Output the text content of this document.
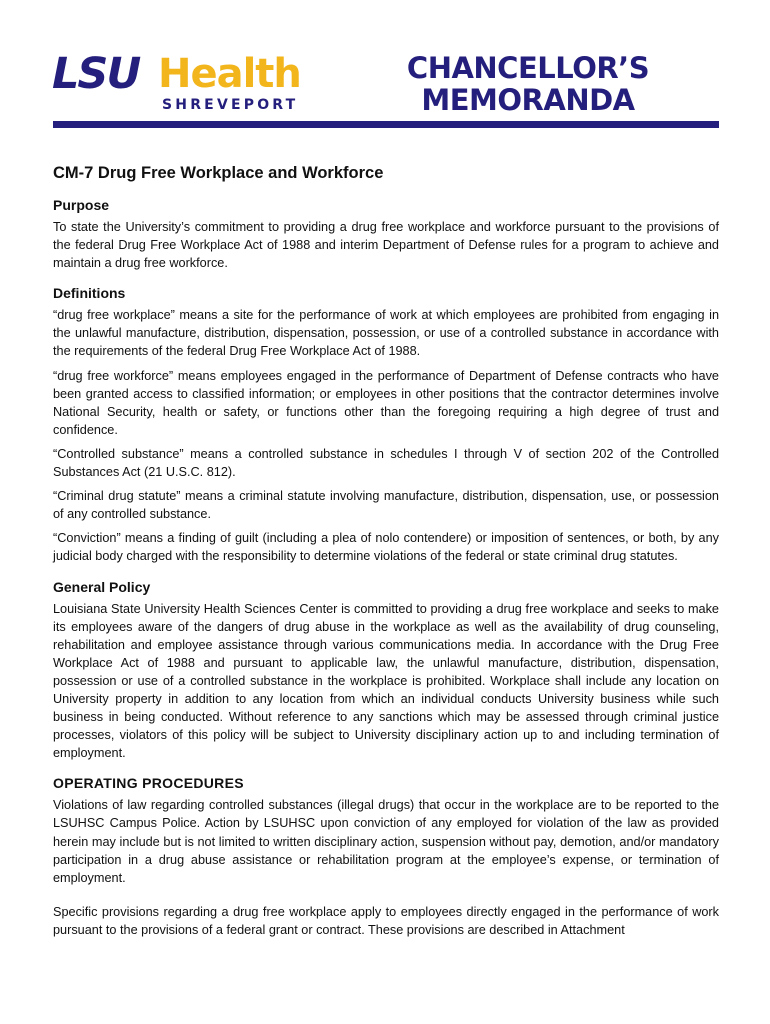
LSU Health
SHREVEPORT
CHANCELLOR’S
MEMORANDA
CM-7 Drug Free Workplace and Workforce
Purpose

To state the University’s commitment to providing a drug free workplace and workforce pursuant to the provisions of the federal Drug Free Workplace Act of 1988 and interim Department of Defense rules for a program to achieve and maintain a drug free workforce.

Definitions

“drug free workplace” means a site for the performance of work at which employees are prohibited from engaging in the unlawful manufacture, distribution, dispensation, possession, or use of a controlled substance in accordance with the requirements of the federal Drug Free Workplace Act of 1988.

“drug free workforce” means employees engaged in the performance of Department of Defense contracts who have been granted access to classified information; or employees in other positions that the contractor determines involve National Security, health or safety, or functions other than the foregoing requiring a high degree of trust and confidence.

“Controlled substance” means a controlled substance in schedules I through V of section 202 of the Controlled Substances Act (21 U.S.C. 812).

“Criminal drug statute” means a criminal statute involving manufacture, distribution, dispensation, use, or possession of any controlled substance.

“Conviction” means a finding of guilt (including a plea of nolo contendere) or imposition of sentences, or both, by any judicial body charged with the responsibility to determine violations of the federal or state criminal drug statutes.

General Policy

Louisiana State University Health Sciences Center is committed to providing a drug free workplace and seeks to make its employees aware of the dangers of drug abuse in the workplace as well as the availability of drug counseling, rehabilitation and employee assistance through various communications media. In accordance with the Drug Free Workplace Act of 1988 and pursuant to applicable law, the unlawful manufacture, distribution, dispensation, possession or use of a controlled substance in the workplace is prohibited. Workplace shall include any location on University property in addition to any location from which an individual conducts University business while such business in being conducted. Without reference to any sanctions which may be assessed through criminal justice processes, violators of this policy will be subject to University disciplinary action up to and including termination of employment.

OPERATING PROCEDURES

Violations of law regarding controlled substances (illegal drugs) that occur in the workplace are to be reported to the LSUHSC Campus Police. Action by LSUHSC upon conviction of any employed for violation of the law as provided herein may include but is not limited to written disciplinary action, suspension without pay, demotion, and/or mandatory participation in a drug abuse assistance or rehabilitation program at the employee’s expense, or termination of employment.

Specific provisions regarding a drug free workplace apply to employees directly engaged in the performance of work pursuant to the provisions of a federal grant or contract. These provisions are described in Attachment
